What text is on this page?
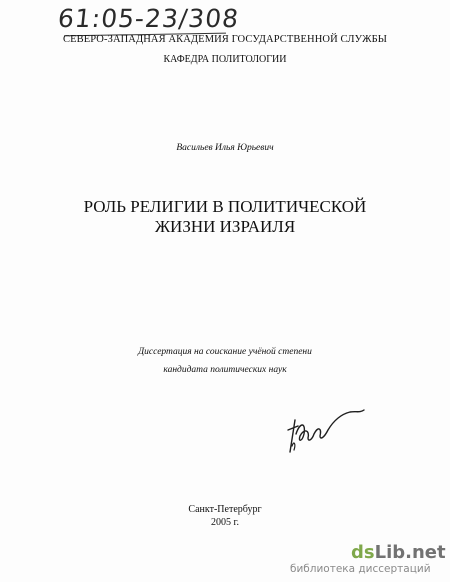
61:05-23/308
СЕВЕРО-ЗАПАДНАЯ АКАДЕМИЯ ГОСУДАРСТВЕННОЙ СЛУЖБЫ
КАФЕДРА ПОЛИТОЛОГИИ
Васильев Илья Юрьевич
РОЛЬ РЕЛИГИИ В ПОЛИТИЧЕСКОЙ
ЖИЗНИ ИЗРАИЛЯ
Диссертация на соискание учёной степени
кандидата политических наук
Санкт-Петербург
2005 г.
dsLib.net
библиотека диссертаций
